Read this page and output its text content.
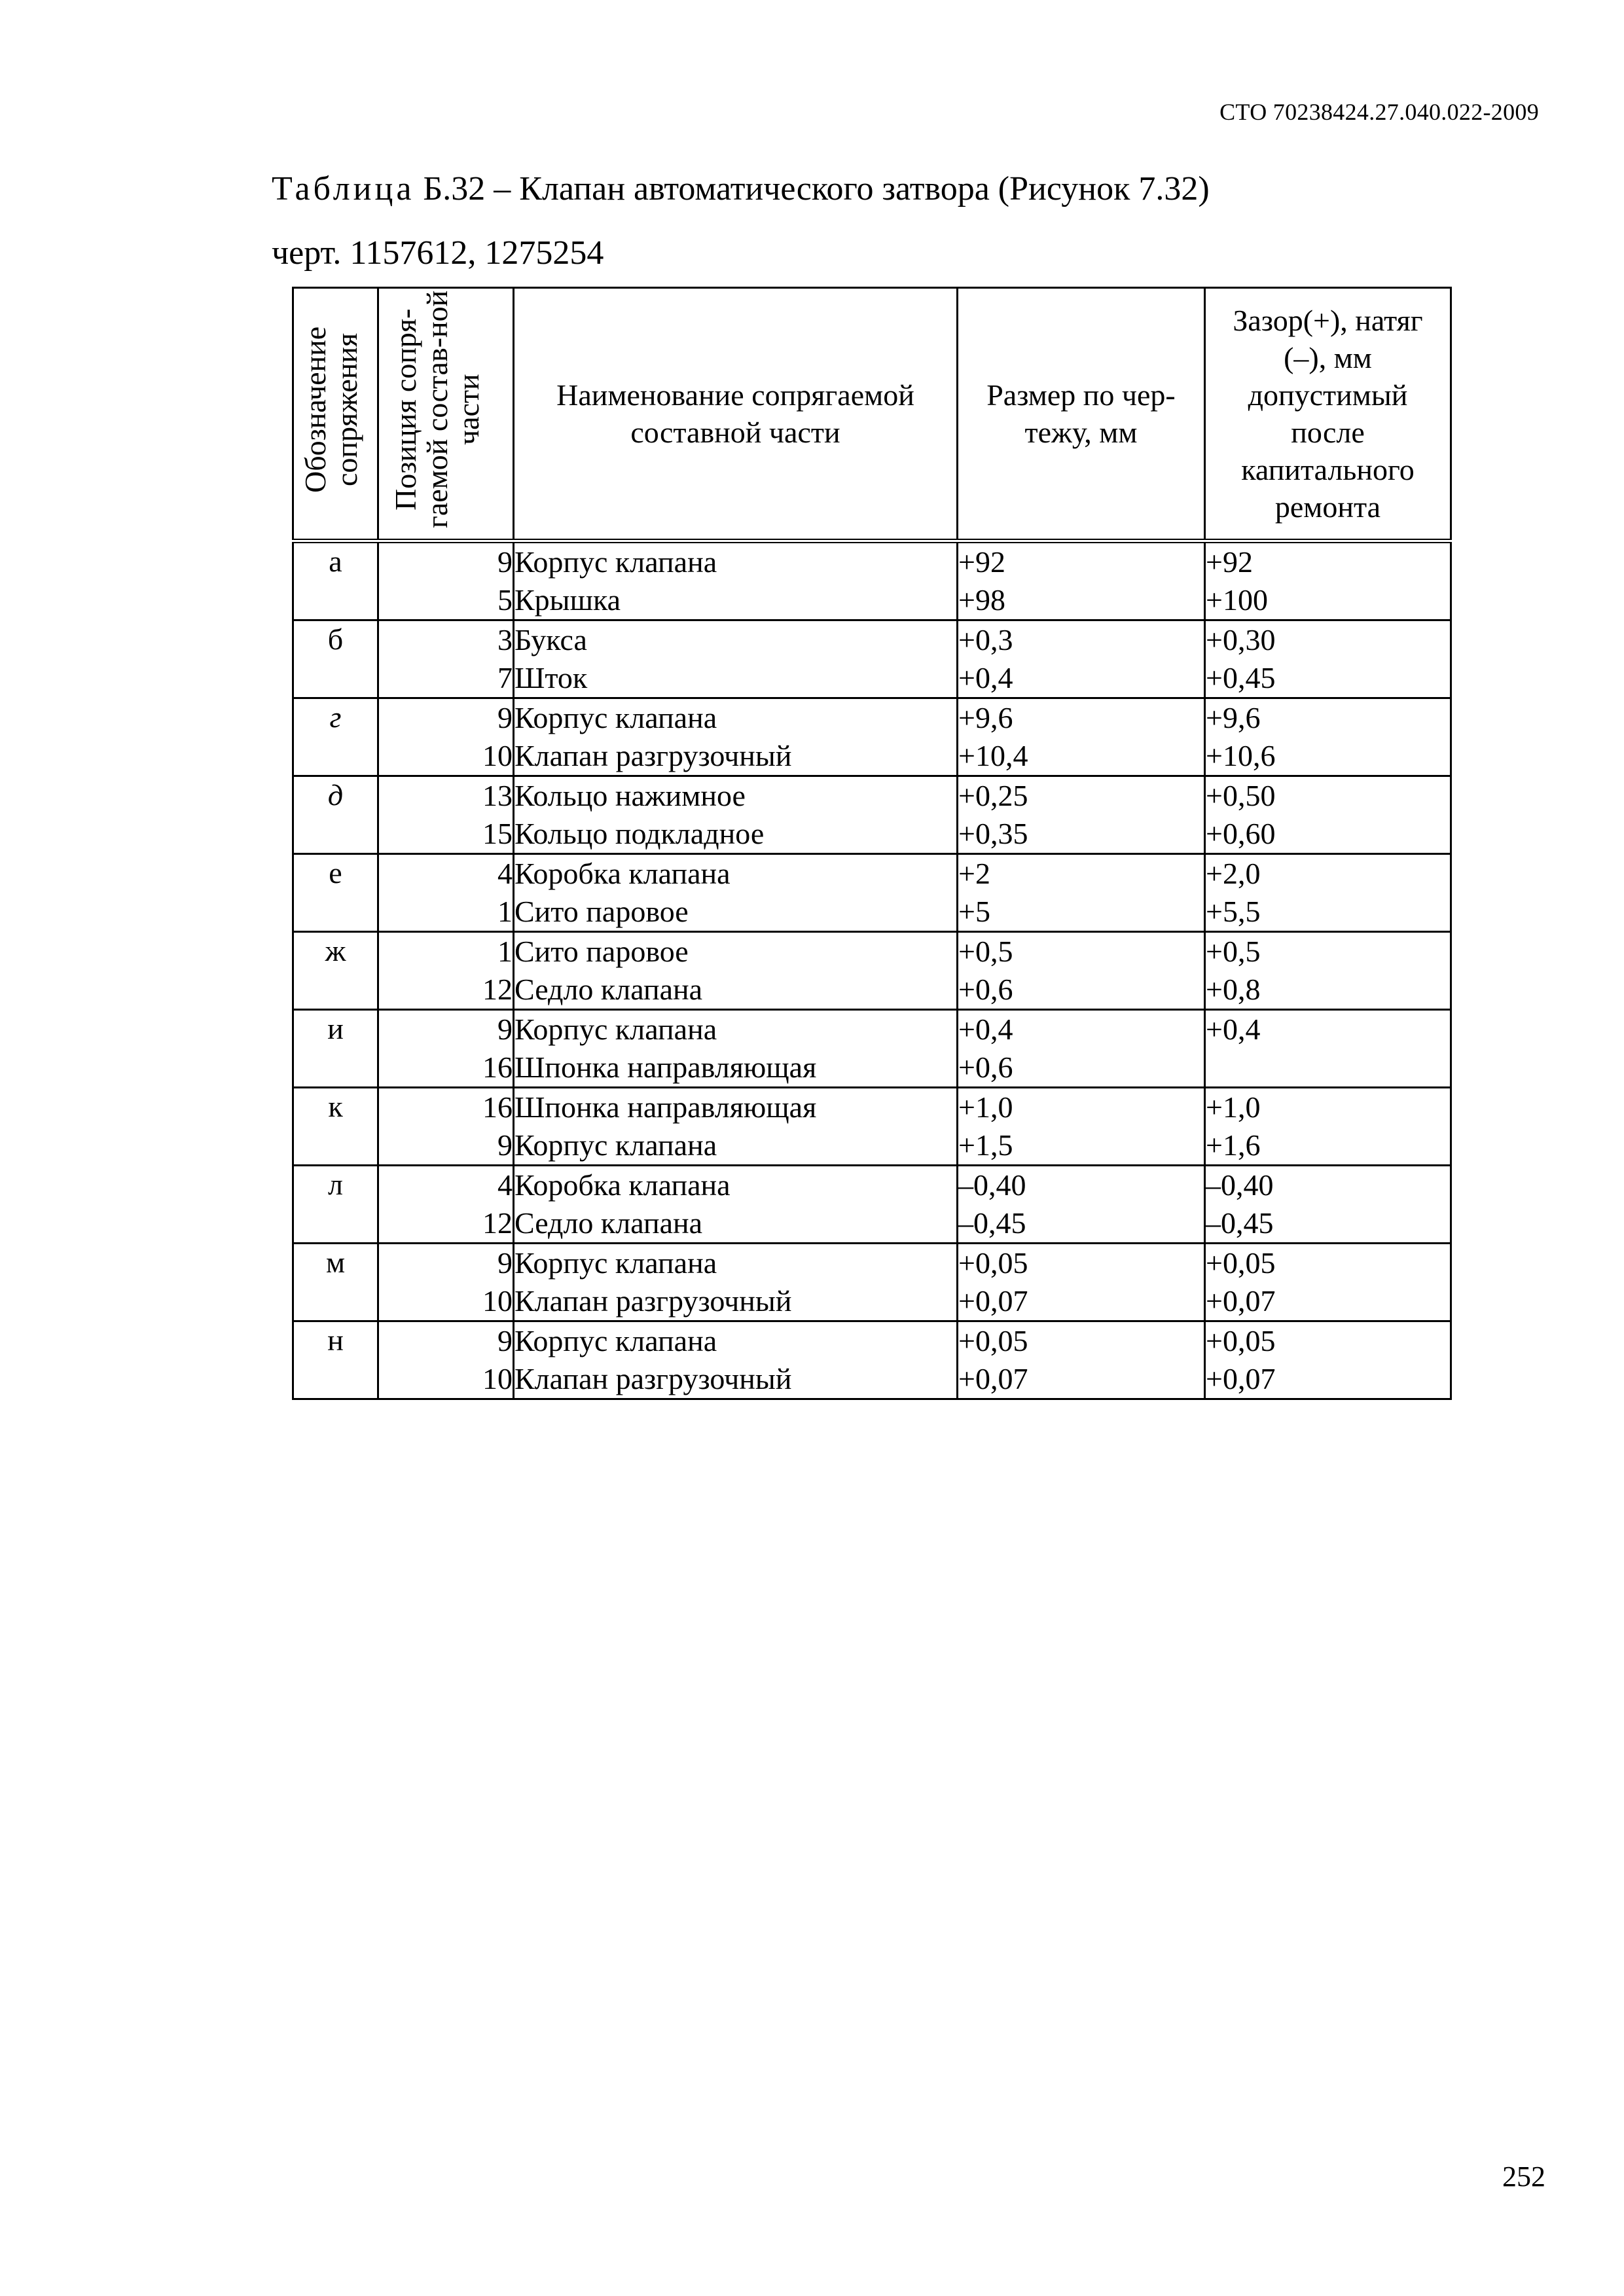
СТО 70238424.27.040.022-2009
Таблица Б.32 – Клапан автоматического затвора (Рисунок 7.32)
черт. 1157612, 1275254
Обозначение сопряжения	Позиция сопря-гаемой состав-ной части	Наименование сопрягаемой составной части	Размер по чер-тежу, мм	Зазор(+), натяг (–), мм допустимый после капитального ремонта

а	9	Корпус клапана	+92	+92
	5	Крышка	+98	+100
б	3	Букса	+0,3	+0,30
	7	Шток	+0,4	+0,45
г	9	Корпус клапана	+9,6	+9,6
	10	Клапан разгрузочный	+10,4	+10,6
д	13	Кольцо нажимное	+0,25	+0,50
	15	Кольцо подкладное	+0,35	+0,60
е	4	Коробка клапана	+2	+2,0
	1	Сито паровое	+5	+5,5
ж	1	Сито паровое	+0,5	+0,5
	12	Седло клапана	+0,6	+0,8
и	9	Корпус клапана	+0,4	+0,4
	16	Шпонка направляющая	+0,6	
к	16	Шпонка направляющая	+1,0	+1,0
	9	Корпус клапана	+1,5	+1,6
л	4	Коробка клапана	–0,40	–0,40
	12	Седло клапана	–0,45	–0,45
м	9	Корпус клапана	+0,05	+0,05
	10	Клапан разгрузочный	+0,07	+0,07
н	9	Корпус клапана	+0,05	+0,05
	10	Клапан разгрузочный	+0,07	+0,07
252
